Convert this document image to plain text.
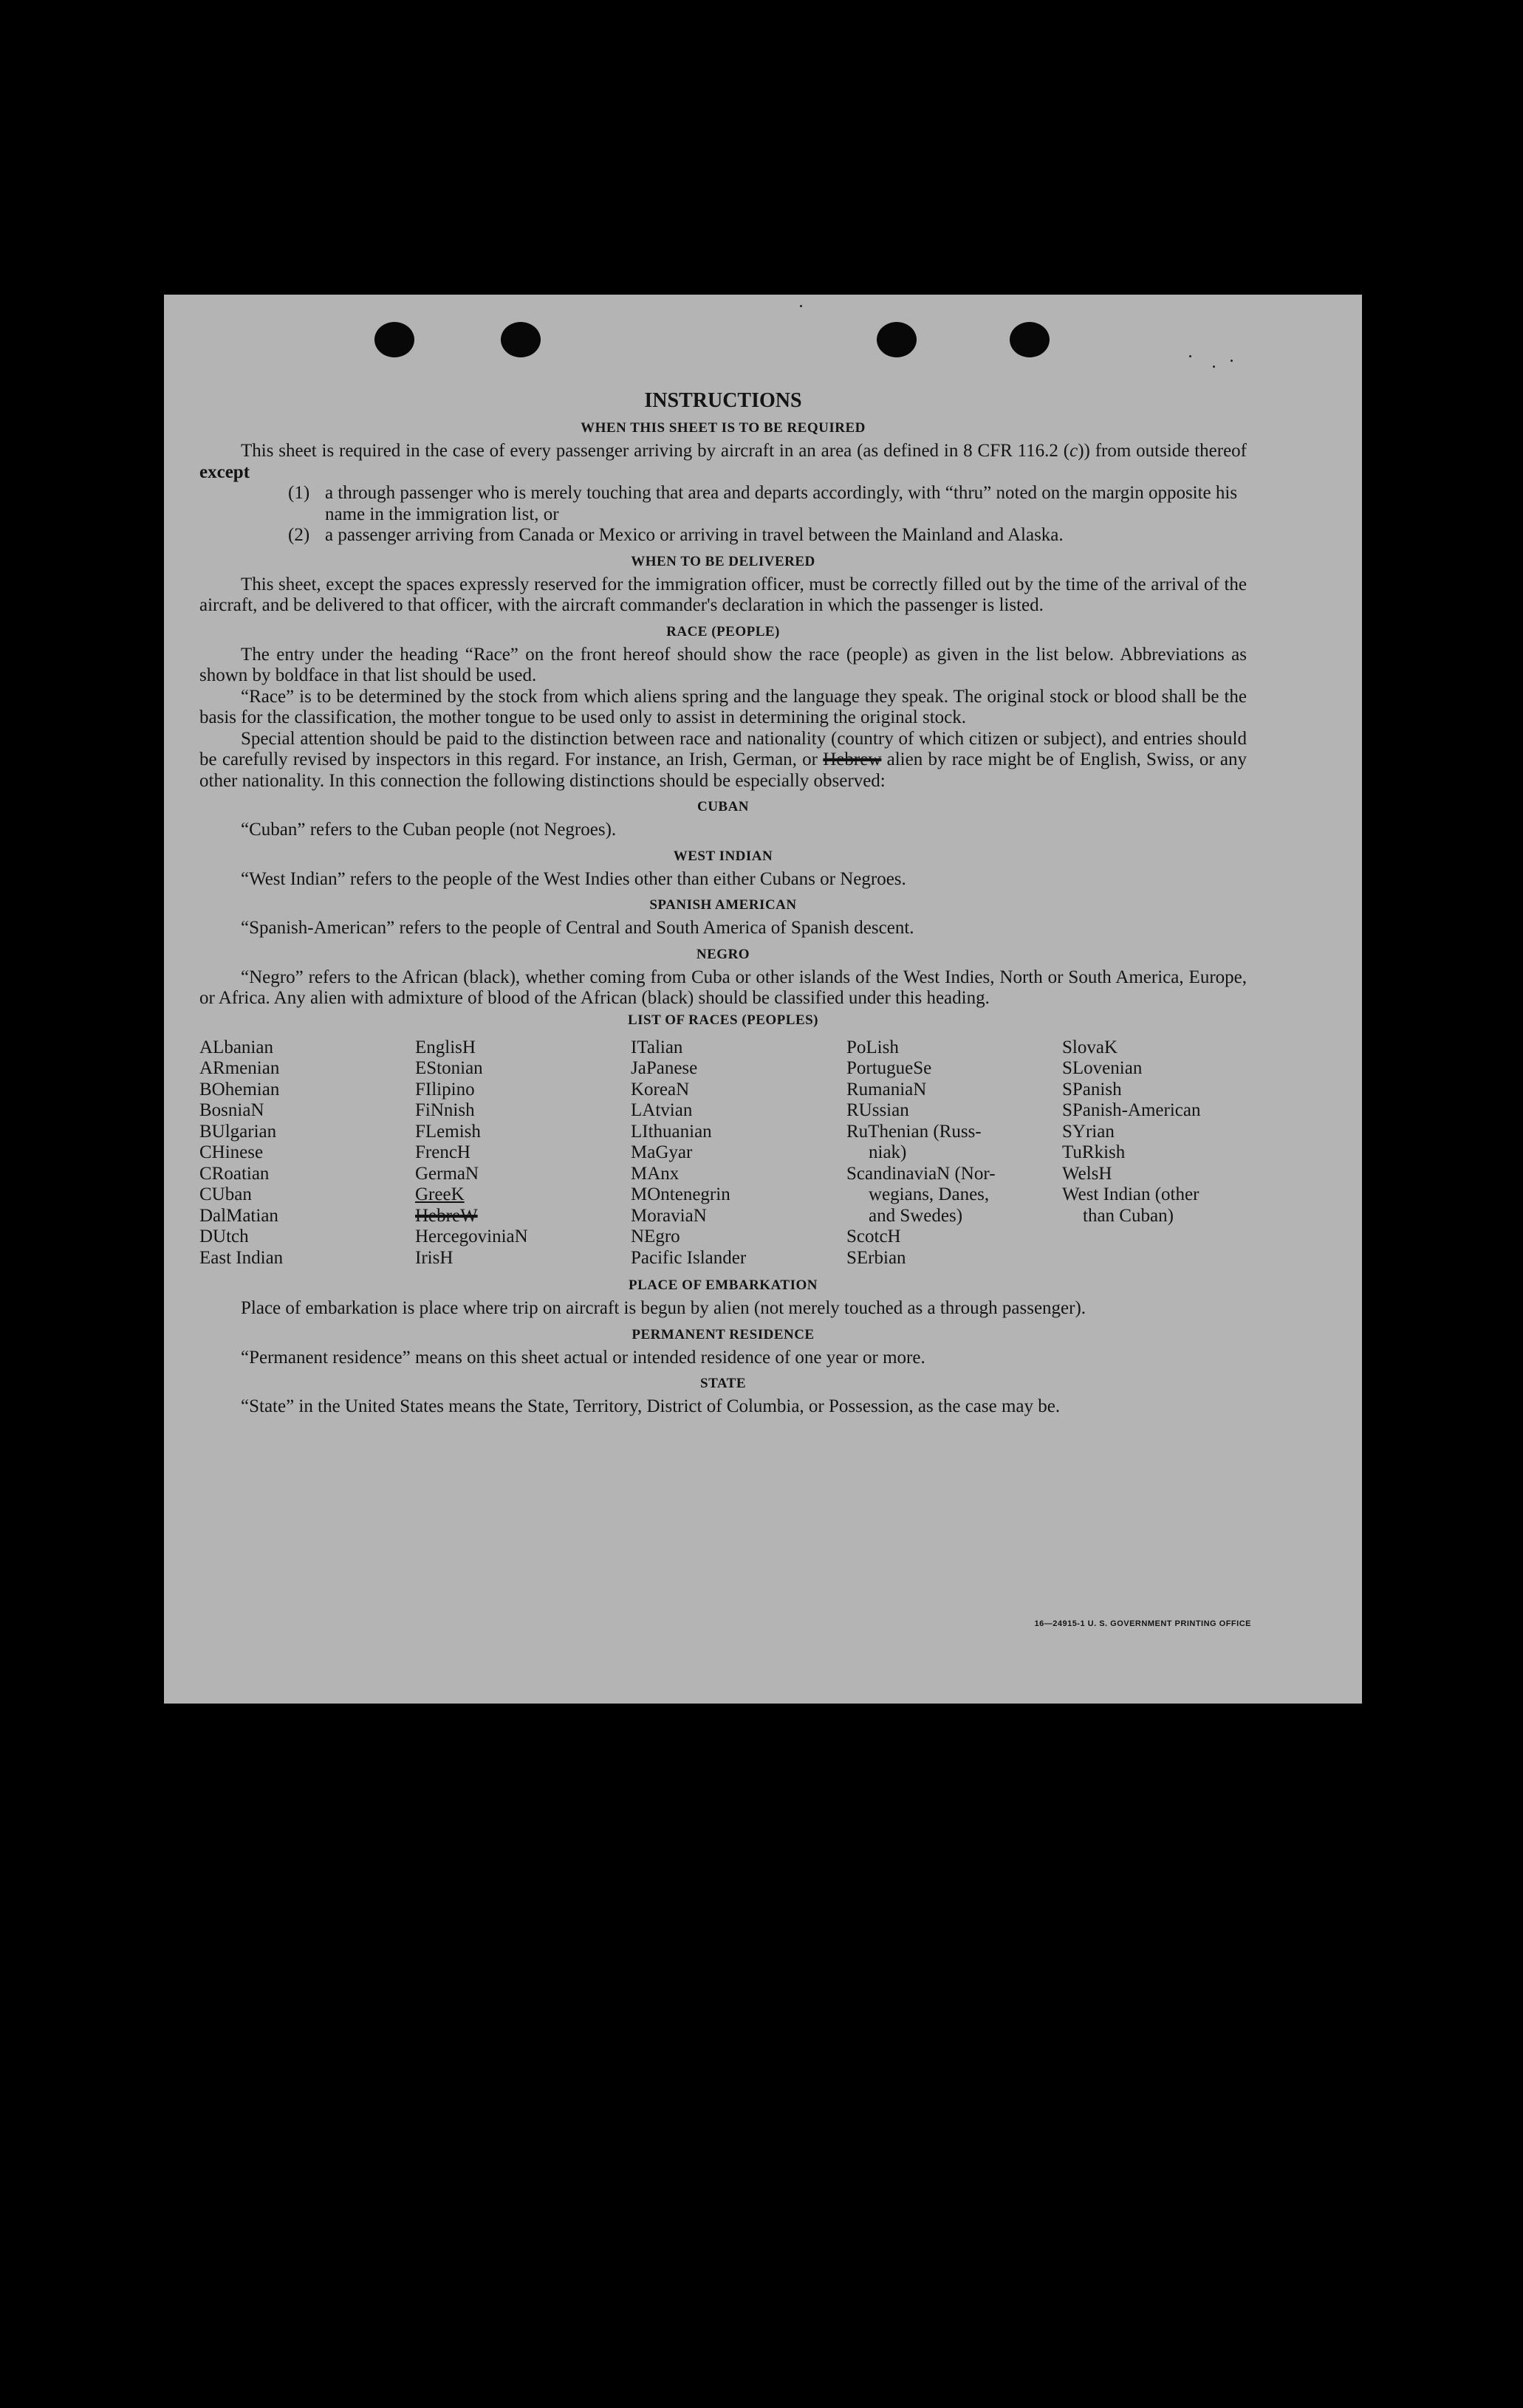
INSTRUCTIONS
WHEN THIS SHEET IS TO BE REQUIRED

This sheet is required in the case of every passenger arriving by aircraft in an area (as defined in 8 CFR 116.2 (c)) from outside thereof except

(1) a through passenger who is merely touching that area and departs accordingly, with “thru” noted on the margin opposite his name in the immigration list, or
(2) a passenger arriving from Canada or Mexico or arriving in travel between the Mainland and Alaska.
WHEN TO BE DELIVERED

This sheet, except the spaces expressly reserved for the immigration officer, must be correctly filled out by the time of the arrival of the aircraft, and be delivered to that officer, with the aircraft commander's declaration in which the passenger is listed.

RACE (PEOPLE)

The entry under the heading “Race” on the front hereof should show the race (people) as given in the list below. Abbreviations as shown by boldface in that list should be used.

“Race” is to be determined by the stock from which aliens spring and the language they speak. The original stock or blood shall be the basis for the classification, the mother tongue to be used only to assist in determining the original stock.

Special attention should be paid to the distinction between race and nationality (country of which citizen or subject), and entries should be carefully revised by inspectors in this regard. For instance, an Irish, German, or Hebrew alien by race might be of English, Swiss, or any other nationality. In this connection the following distinctions should be especially observed:

CUBAN

“Cuban” refers to the Cuban people (not Negroes).

WEST INDIAN

“West Indian” refers to the people of the West Indies other than either Cubans or Negroes.

SPANISH AMERICAN

“Spanish-American” refers to the people of Central and South America of Spanish descent.

NEGRO

“Negro” refers to the African (black), whether coming from Cuba or other islands of the West Indies, North or South America, Europe, or Africa. Any alien with admixture of blood of the African (black) should be classified under this heading.

LIST OF RACES (PEOPLES)
ALbanian
ARmenian
BOhemian
BosniaN
BUlgarian
CHinese
CRoatian
CUban
DalMatian
DUtch
East Indian
EnglisH
EStonian
FIlipino
FiNnish
FLemish
FrencH
GermaN
GreeK
HebreW
HercegoviniaN
IrisH
ITalian
JaPanese
KoreaN
LAtvian
LIthuanian
MaGyar
MAnx
MOntenegrin
MoraviaN
NEgro
Pacific Islander
PoLish
PortugueSe
RumaniaN
RUssian
RuThenian (Russ-
niak)
ScandinaviaN (Nor-
wegians, Danes,
and Swedes)
ScotcH
SErbian
SlovaK
SLovenian
SPanish
SPanish-American
SYrian
TuRkish
WelsH
West Indian (other
than Cuban)
PLACE OF EMBARKATION

Place of embarkation is place where trip on aircraft is begun by alien (not merely touched as a through passenger).

PERMANENT RESIDENCE

“Permanent residence” means on this sheet actual or intended residence of one year or more.

STATE

“State” in the United States means the State, Territory, District of Columbia, or Possession, as the case may be.

16—24915-1 U. S. GOVERNMENT PRINTING OFFICE
